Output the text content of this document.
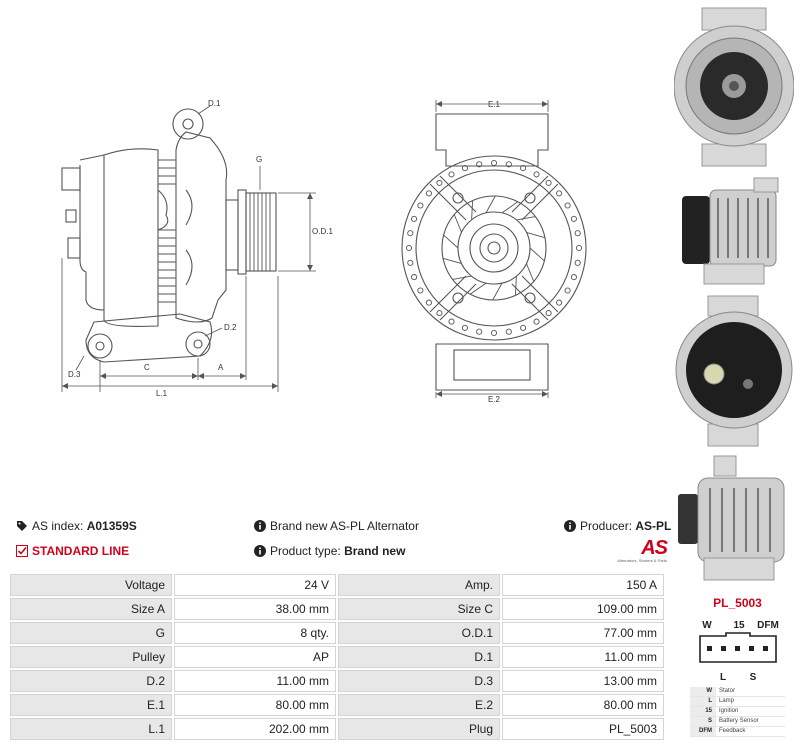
D.1
G
O.D.1
D.2
D.3
C	A
L.1
E.1
E.2
AS index: A01359S	Brand new AS-PL Alternator	Producer: AS-PL
STANDARD LINE	Product type: Brand new	AS
Alternators, Starters & Parts
Voltage	24 V	Amp.	150 A
Size A	38.00 mm	Size C	109.00 mm
G	8 qty.	O.D.1	77.00 mm
Pulley	AP	D.1	11.00 mm
D.2	11.00 mm	D.3	13.00 mm
E.1	80.00 mm	E.2	80.00 mm
L.1	202.00 mm	Plug	PL_5003
PL_5003
W 15 DFM
L S
W	Stator
L	Lamp
15	Ignition
S	Battery Sensor
DFM	Feedback
